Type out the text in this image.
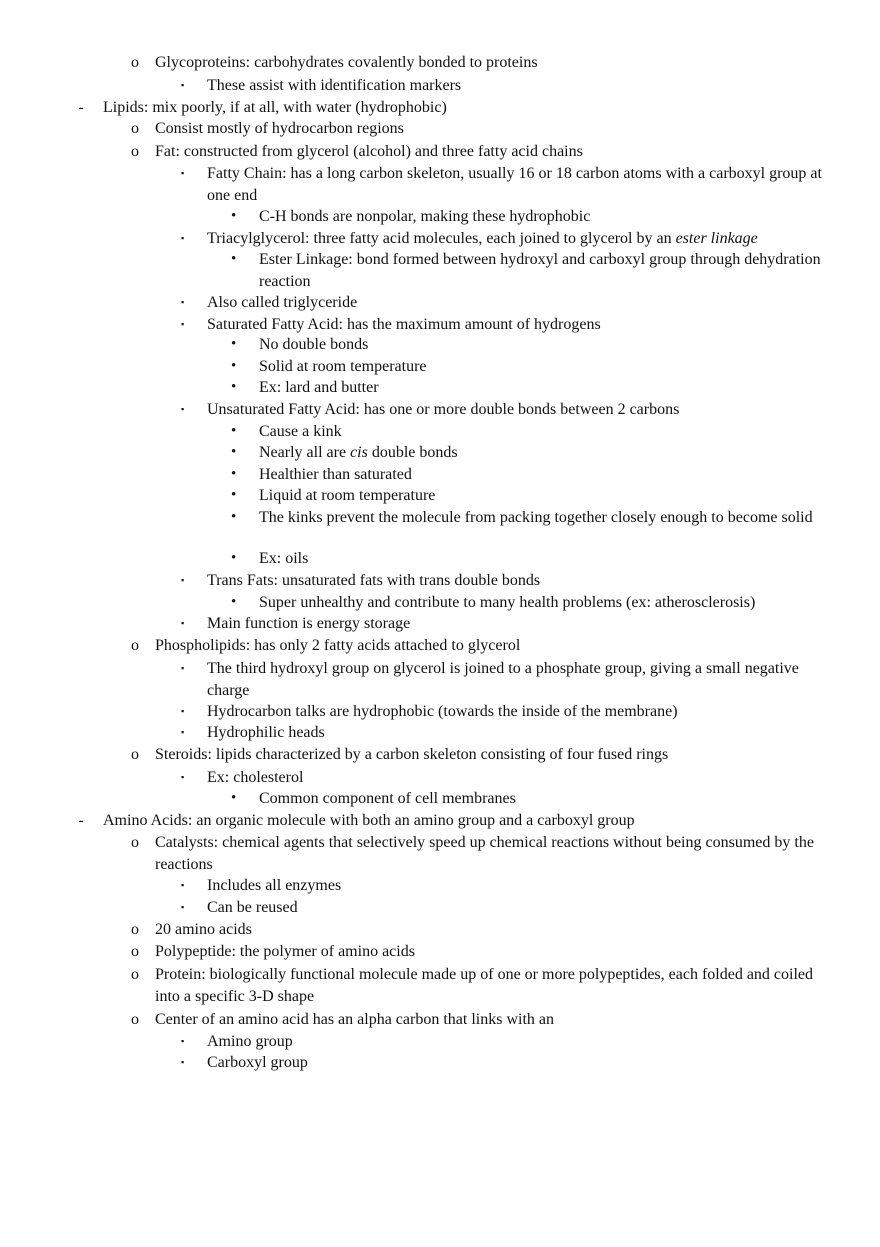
o Glycoproteins: carbohydrates covalently bonded to proteins
▪ These assist with identification markers
- Lipids: mix poorly, if at all, with water (hydrophobic)
o Consist mostly of hydrocarbon regions
o Fat: constructed from glycerol (alcohol) and three fatty acid chains
▪ Fatty Chain: has a long carbon skeleton, usually 16 or 18 carbon atoms with a carboxyl group at one end
• C-H bonds are nonpolar, making these hydrophobic
▪ Triacylglycerol: three fatty acid molecules, each joined to glycerol by an ester linkage
• Ester Linkage: bond formed between hydroxyl and carboxyl group through dehydration reaction
▪ Also called triglyceride
▪ Saturated Fatty Acid: has the maximum amount of hydrogens
• No double bonds
• Solid at room temperature
• Ex: lard and butter
▪ Unsaturated Fatty Acid: has one or more double bonds between 2 carbons
• Cause a kink
• Nearly all are cis double bonds
• Healthier than saturated
• Liquid at room temperature
• The kinks prevent the molecule from packing together closely enough to become solid
• Ex: oils
▪ Trans Fats: unsaturated fats with trans double bonds
• Super unhealthy and contribute to many health problems (ex: atherosclerosis)
▪ Main function is energy storage
o Phospholipids: has only 2 fatty acids attached to glycerol
▪ The third hydroxyl group on glycerol is joined to a phosphate group, giving a small negative charge
▪ Hydrocarbon talks are hydrophobic (towards the inside of the membrane)
▪ Hydrophilic heads
o Steroids: lipids characterized by a carbon skeleton consisting of four fused rings
▪ Ex: cholesterol
• Common component of cell membranes
- Amino Acids: an organic molecule with both an amino group and a carboxyl group
o Catalysts: chemical agents that selectively speed up chemical reactions without being consumed by the reactions
▪ Includes all enzymes
▪ Can be reused
o 20 amino acids
o Polypeptide: the polymer of amino acids
o Protein: biologically functional molecule made up of one or more polypeptides, each folded and coiled into a specific 3-D shape
o Center of an amino acid has an alpha carbon that links with an
▪ Amino group
▪ Carboxyl group
